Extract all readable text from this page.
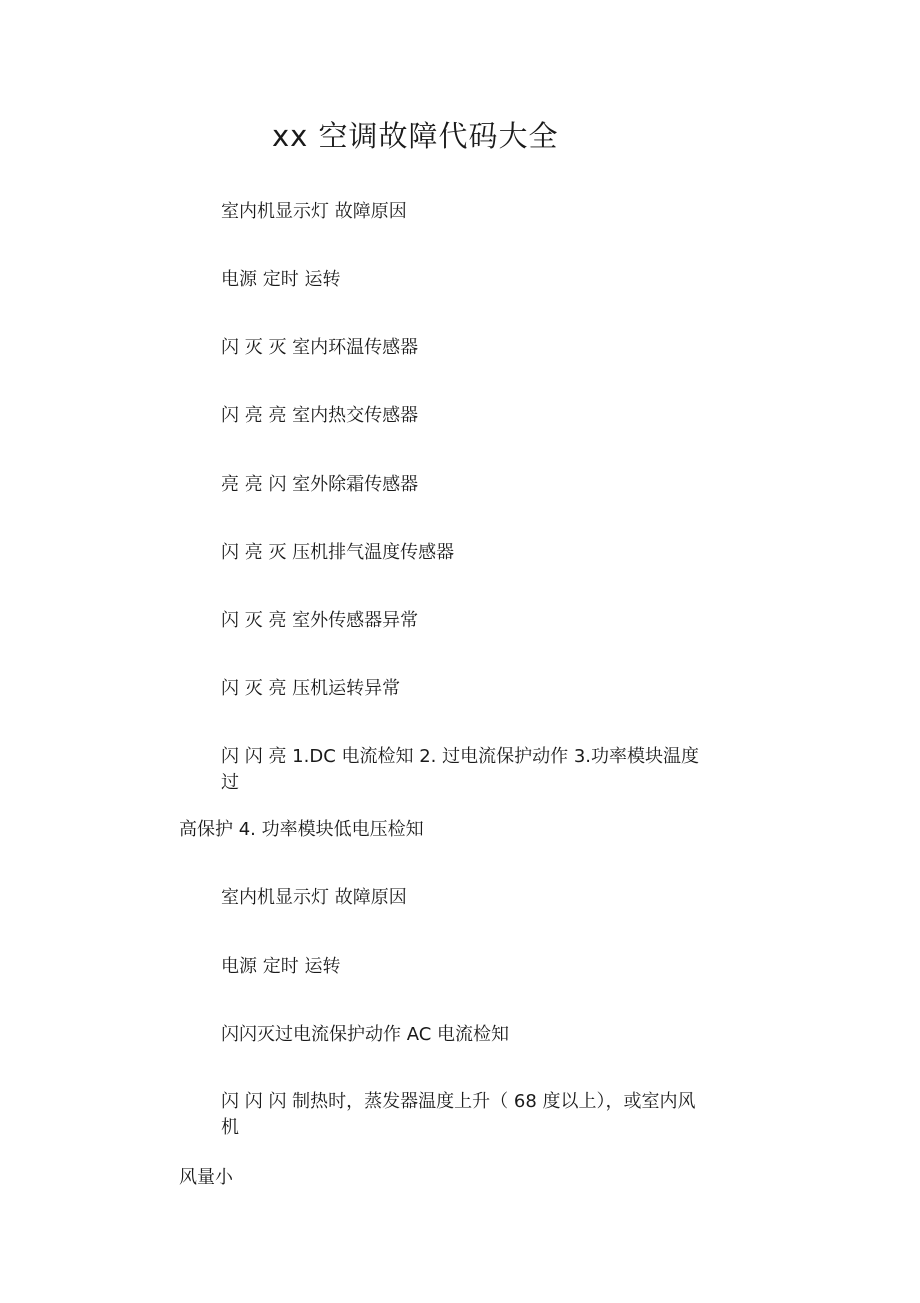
xx 空调故障代码大全
室内机显示灯 故障原因
电源 定时 运转
闪 灭 灭 室内环温传感器
闪 亮 亮 室内热交传感器
亮 亮 闪 室外除霜传感器
闪 亮 灭 压机排气温度传感器
闪 灭 亮 室外传感器异常
闪 灭 亮 压机运转异常
闪 闪 亮 1.DC 电流检知 2. 过电流保护动作 3.功率模块温度过
高保护 4. 功率模块低电压检知
室内机显示灯 故障原因
电源 定时 运转
闪闪灭过电流保护动作 AC 电流检知
闪 闪 闪 制热时，蒸发器温度上升（ 68 度以上），或室内风机
风量小
